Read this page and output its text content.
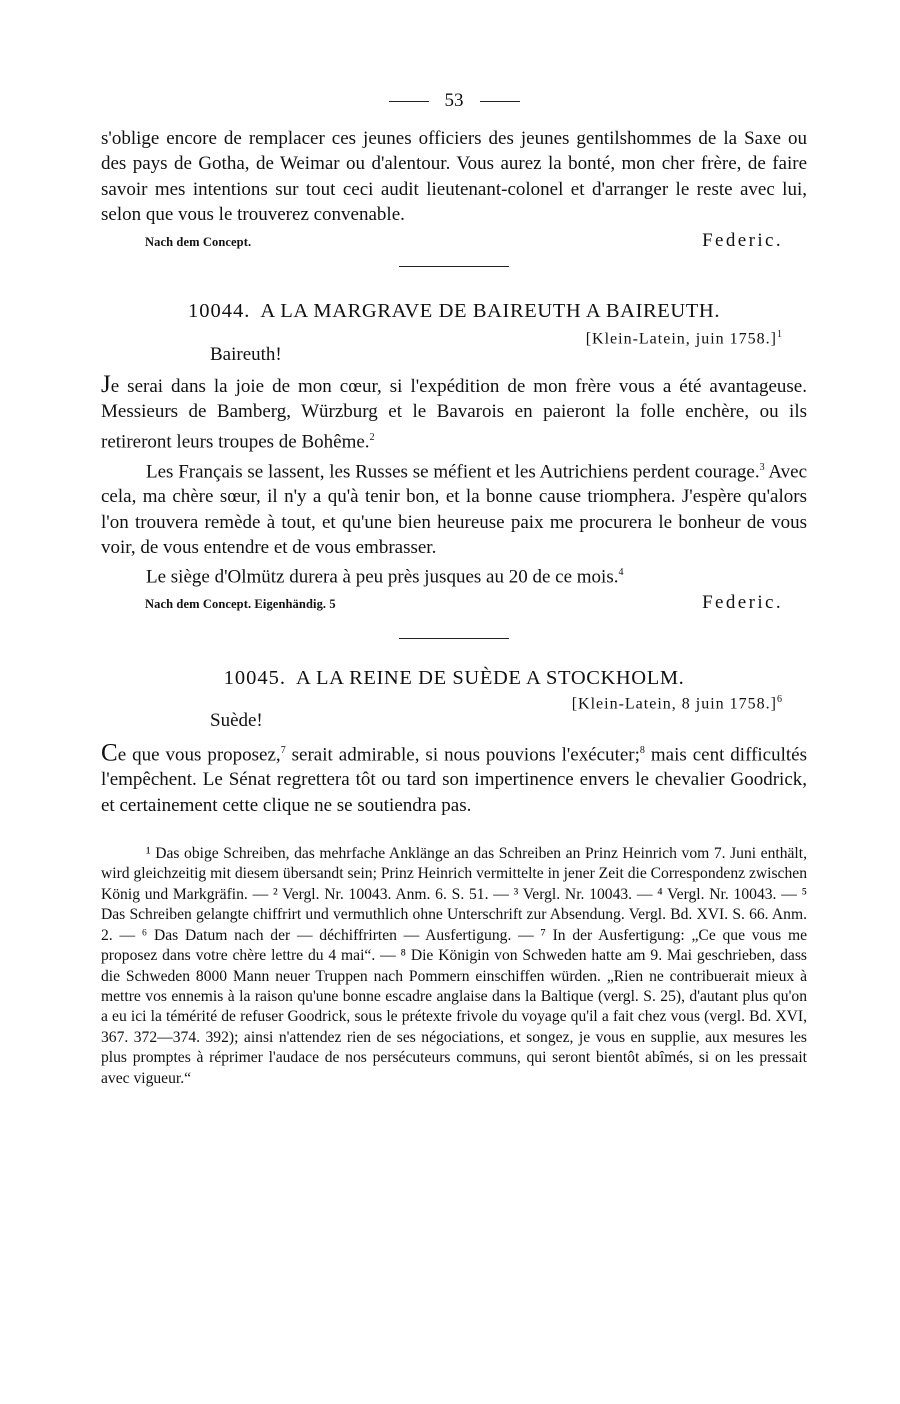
53

s'oblige encore de remplacer ces jeunes officiers des jeunes gentilshommes de la Saxe ou des pays de Gotha, de Weimar ou d'alentour. Vous aurez la bonté, mon cher frère, de faire savoir mes intentions sur tout ceci audit lieutenant-colonel et d'arranger le reste avec lui, selon que vous le trouverez convenable.

Nach dem Concept.	Federic.
10044. A LA MARGRAVE DE BAIREUTH A BAIREUTH.
[Klein-Latein, juin 1758.]$^1$
Baireuth!

Je serai dans la joie de mon cœur, si l'expédition de mon frère vous a été avantageuse. Messieurs de Bamberg, Würzburg et le Bavarois en paieront la folle enchère, ou ils retireront leurs troupes de Bohême.$^2$

Les Français se lassent, les Russes se méfient et les Autrichiens perdent courage.$^3$ Avec cela, ma chère sœur, il n'y a qu'à tenir bon, et la bonne cause triomphera. J'espère qu'alors l'on trouvera remède à tout, et qu'une bien heureuse paix me procurera le bonheur de vous voir, de vous entendre et de vous embrasser.

Le siège d'Olmütz durera à peu près jusques au 20 de ce mois.$^4$

Nach dem Concept. Eigenhändig. 5	Federic.
10045. A LA REINE DE SUÈDE A STOCKHOLM.
[Klein-Latein, 8 juin 1758.]$^6$
Suède!

Ce que vous proposez,$^7$ serait admirable, si nous pouvions l'exécuter;$^8$ mais cent difficultés l'empêchent. Le Sénat regrettera tôt ou tard son impertinence envers le chevalier Goodrick, et certainement cette clique ne se soutiendra pas.

¹ Das obige Schreiben, das mehrfache Anklänge an das Schreiben an Prinz Heinrich vom 7. Juni enthält, wird gleichzeitig mit diesem übersandt sein; Prinz Heinrich vermittelte in jener Zeit die Correspondenz zwischen König und Markgräfin. — ² Vergl. Nr. 10043. Anm. 6. S. 51. — ³ Vergl. Nr. 10043. — ⁴ Vergl. Nr. 10043. — ⁵ Das Schreiben gelangte chiffrirt und vermuthlich ohne Unterschrift zur Absendung. Vergl. Bd. XVI. S. 66. Anm. 2. — ⁶ Das Datum nach der — déchiffrirten — Ausfertigung. — ⁷ In der Ausfertigung: „Ce que vous me proposez dans votre chère lettre du 4 mai“. — ⁸ Die Königin von Schweden hatte am 9. Mai geschrieben, dass die Schweden 8000 Mann neuer Truppen nach Pommern einschiffen würden. „Rien ne contribuerait mieux à mettre vos ennemis à la raison qu'une bonne escadre anglaise dans la Baltique (vergl. S. 25), d'autant plus qu'on a eu ici la témérité de refuser Goodrick, sous le prétexte frivole du voyage qu'il a fait chez vous (vergl. Bd. XVI, 367. 372—374. 392); ainsi n'attendez rien de ses négociations, et songez, je vous en supplie, aux mesures les plus promptes à réprimer l'audace de nos persécuteurs communs, qui seront bientôt abîmés, si on les pressait avec vigueur.“
